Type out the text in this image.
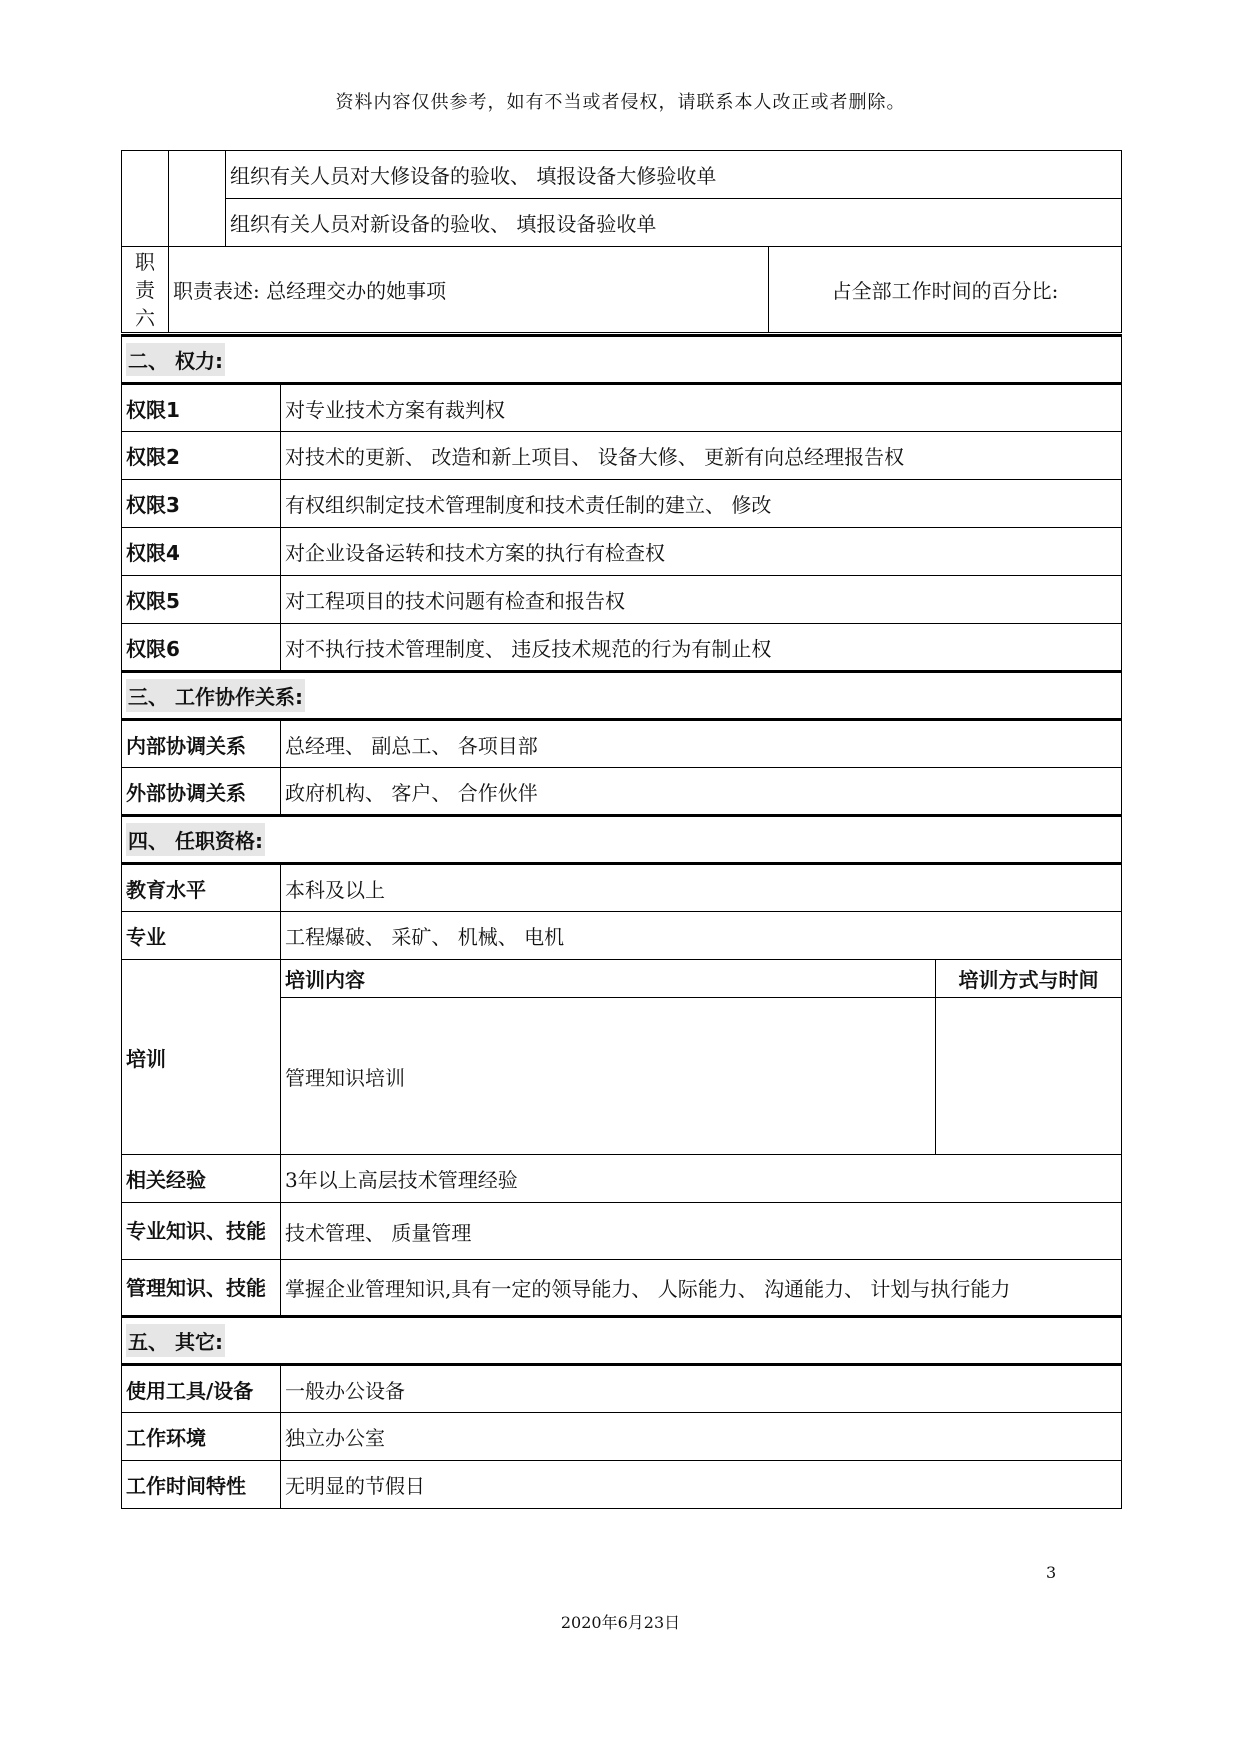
资料内容仅供参考，如有不当或者侵权，请联系本人改正或者删除。
		组织有关人员对大修设备的验收、 填报设备大修验收单	
		组织有关人员对新设备的验收、 填报设备验收单	
职
责
六	职责表述: 总经理交办的她事项		占全部工作时间的百分比:
二、 权力:		
权限1	对专业技术方案有裁判权	
权限2	对技术的更新、 改造和新上项目、 设备大修、 更新有向总经理报告权	
权限3	有权组织制定技术管理制度和技术责任制的建立、 修改	
权限4	对企业设备运转和技术方案的执行有检查权	
权限5	对工程项目的技术问题有检查和报告权	
权限6	对不执行技术管理制度、 违反技术规范的行为有制止权	
三、 工作协作关系:		
内部协调关系	总经理、 副总工、 各项目部	
外部协调关系	政府机构、 客户、 合作伙伴	
四、 任职资格:		
教育水平	本科及以上	
专业	工程爆破、 采矿、 机械、 电机	
培训	培训内容	培训方式与时间
	管理知识培训	
相关经验	3年以上高层技术管理经验	
专业知识、技能	技术管理、 质量管理	
管理知识、技能	掌握企业管理知识,具有一定的领导能力、 人际能力、 沟通能力、 计划与执行能力	
五、 其它:		
使用工具/设备	一般办公设备	
工作环境	独立办公室	
工作时间特性	无明显的节假日	
3
2020年6月23日
